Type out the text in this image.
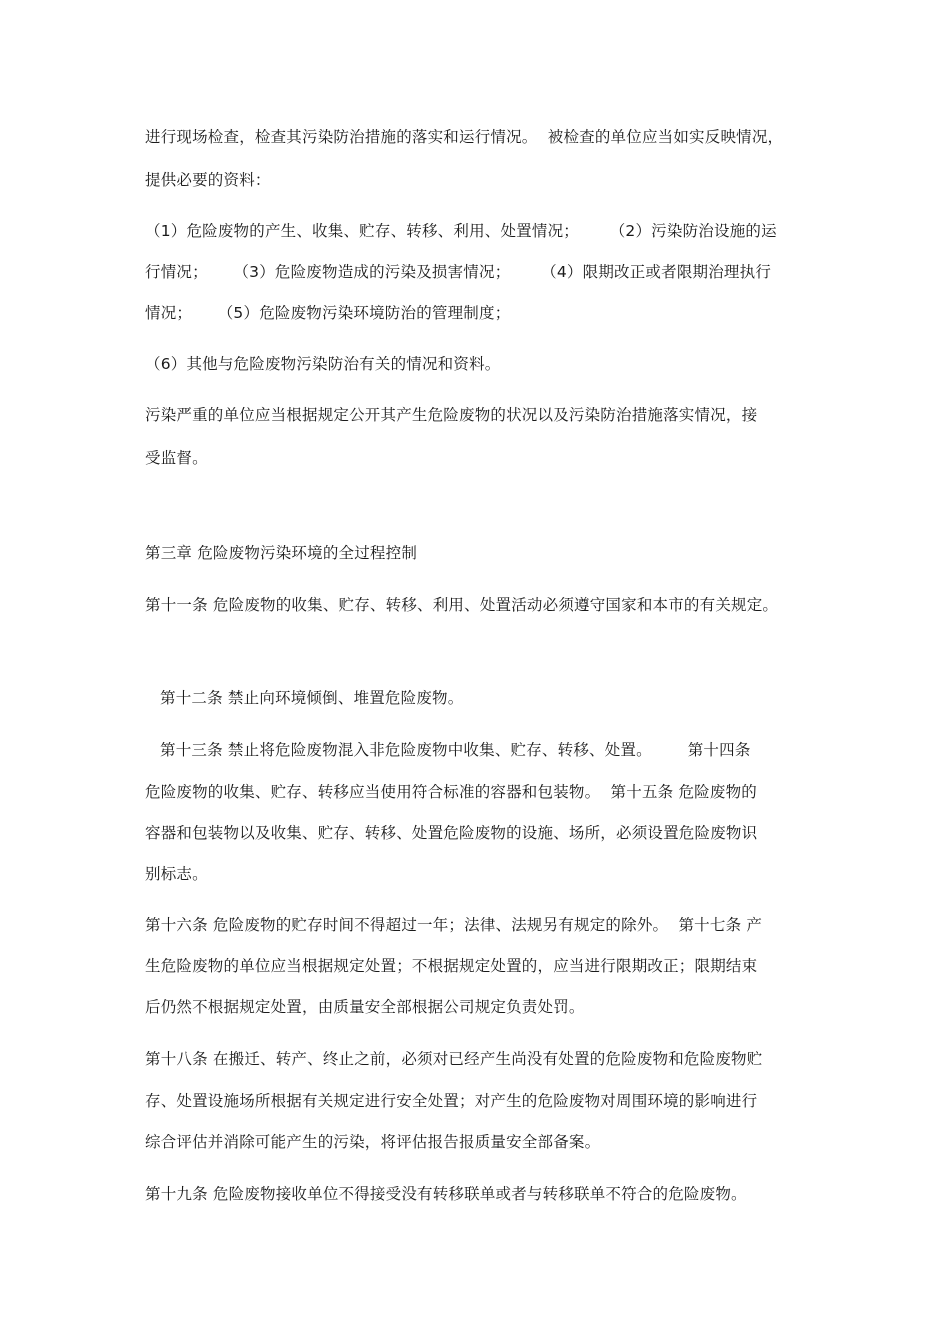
进行现场检查，检查其污染防治措施的落实和运行情况。  被检查的单位应当如实反映情况，
提供必要的资料：
（1）危险废物的产生、收集、贮存、转移、利用、处置情况；      （2）污染防治设施的运
行情况；     （3）危险废物造成的污染及损害情况；      （4）限期改正或者限期治理执行
情况；     （5）危险废物污染环境防治的管理制度；
（6）其他与危险废物污染防治有关的情况和资料。
污染严重的单位应当根据规定公开其产生危险废物的状况以及污染防治措施落实情况，接
受监督。
第三章 危险废物污染环境的全过程控制
第十一条 危险废物的收集、贮存、转移、利用、处置活动必须遵守国家和本市的有关规定。
第十二条 禁止向环境倾倒、堆置危险废物。
第十三条 禁止将危险废物混入非危险废物中收集、贮存、转移、处置。       第十四条
危险废物的收集、贮存、转移应当使用符合标准的容器和包装物。  第十五条 危险废物的
容器和包装物以及收集、贮存、转移、处置危险废物的设施、场所，必须设置危险废物识
别标志。
第十六条 危险废物的贮存时间不得超过一年；法律、法规另有规定的除外。  第十七条 产
生危险废物的单位应当根据规定处置；不根据规定处置的，应当进行限期改正；限期结束
后仍然不根据规定处置，由质量安全部根据公司规定负责处罚。
第十八条 在搬迁、转产、终止之前，必须对已经产生尚没有处置的危险废物和危险废物贮
存、处置设施场所根据有关规定进行安全处置；对产生的危险废物对周围环境的影响进行
综合评估并消除可能产生的污染，将评估报告报质量安全部备案。
第十九条 危险废物接收单位不得接受没有转移联单或者与转移联单不符合的危险废物。
